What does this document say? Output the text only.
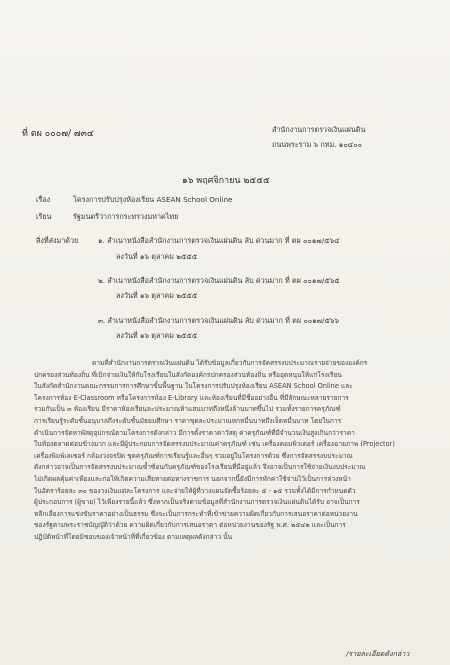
ที่ ตผ ๐๐๐๗/ ๗๓๔	สำนักงานการตรวจเงินแผ่นดิน
ถนนพระราม ๖ กทม. ๑๐๔๐๐
๑๖ พฤศจิกายน ๒๕๕๕
เรื่อง	โครงการปรับปรุงห้องเรียน ASEAN School Online
เรียน	รัฐมนตรีว่าการกระทรวงมหาดไทย
สิ่งที่ส่งมาด้วย	๑. สำเนาหนังสือสำนักงานการตรวจเงินแผ่นดิน ลับ ด่วนมาก ที่ ตผ ๐๐๑๗/๕๖๔
ลงวันที่ ๑๖ ตุลาคม ๒๕๕๕
๒. สำเนาหนังสือสำนักงานการตรวจเงินแผ่นดิน ลับ ด่วนมาก ที่ ตผ ๐๐๑๗/๕๖๕
ลงวันที่ ๑๖ ตุลาคม ๒๕๕๕
๓. สำเนาหนังสือสำนักงานการตรวจเงินแผ่นดิน ลับ ด่วนมาก ที่ ตผ ๐๐๑๗/๕๖๖
ลงวันที่ ๑๖ ตุลาคม ๒๕๕๕

ตามที่สำนักงานการตรวจเงินแผ่นดิน ได้รับข้อมูลเกี่ยวกับการจัดสรรงบประมาณรายจ่ายขององค์กร

ปกครองส่วนท้องถิ่น ที่เบิกจ่ายเงินให้กับโรงเรียนในสังกัดองค์กรปกครองส่วนท้องถิ่น หรืออุดหนุนให้แก่โรงเรียน

ในสังกัดสำนักงานคณะกรรมการการศึกษาขั้นพื้นฐาน ในโครงการปรับปรุงห้องเรียน ASEAN School Online และ

โครงการห้อง E-Classroom หรือโครงการห้อง E-Library และห้องเรียนที่มีชื่ออย่างอื่น ที่มีลักษณะหลายรายการ

รวมกันเป็น ๓ ห้องเรียน มีราคาห้องเรียนละประมาณห้าแสนบาทถึงหนึ่งล้านบาทขึ้นไป รวมทั้งรายการครุภัณฑ์

การเรียนรู้ระดับชั้นอนุบาลถึงระดับชั้นมัธยมศึกษา ราคาชุดละประมาณหกหมื่นบาทถึงเจ็ดหมื่นบาท โดยในการ

ดำเนินการจัดหาพัสดุอุปกรณ์ตามโครงการดังกล่าว มีการตั้งราคาค่าวัสดุ ค่าครุภัณฑ์ที่มีจำนวนเงินสูงเกินกว่าราคา

ในท้องตลาดค่อนข้างมาก และมีผู้ประกอบการจัดสรรงบประมาณค่าครุภัณฑ์ เช่น เครื่องคอมพิวเตอร์ เครื่องฉายภาพ (Projector)

เครื่องพิมพ์เลเซอร์ กล้องวงจรปิด ชุดครุภัณฑ์การเรียนรู้และอื่นๆ รวมอยู่ในโครงการด้วย ซึ่งการจัดสรรงบประมาณ

ดังกล่าวอาจเป็นการจัดสรรงบประมาณซ้ำซ้อนกับครุภัณฑ์ของโรงเรียนที่มีอยู่แล้ว จึงอาจเป็นการใช้จ่ายเงินงบประมาณ

ไม่เกิดผลคุ้มค่าเพียงและก่อให้เกิดความเสียหายต่อทางราชการ นอกจากนี้ยังมีการหักค่าใช้จ่ายไว้เป็นการล่วงหน้า

ในอัตราร้อยละ ๓๐ ของวงเงินแต่ละโครงการ และจ่ายให้ผู้ที่วางแผนจัดซื้อร้อยละ ๕ - ๑๕ รวมทั้งได้มีการกำหนดตัว

ผู้ประกอบการ (ผู้ขาย) ไว้เพียงรายนี้แล้ว ซึ่งหากเป็นจริงตามข้อมูลที่สำนักงานการตรวจเงินแผ่นดินได้รับ อาจเป็นการ

หลีกเลี่ยงการแข่งขันราคาอย่างเป็นธรรม ซึ่งจะเป็นการกระทำที่เข้าข่ายความผิดเกี่ยวกับการเสนอราคาต่อหน่วยงาน

ของรัฐตามพระราชบัญญัติว่าด้วย ความผิดเกี่ยวกับการเสนอราคา ต่อหน่วยงานของรัฐ พ.ศ. ๒๕๔๒ และเป็นการ

ปฏิบัติหน้าที่โดยมิชอบของเจ้าหน้าที่ที่เกี่ยวข้อง ตามเหตุผลดังกล่าว นั้น

/รายละเอียดดังกล่าว
